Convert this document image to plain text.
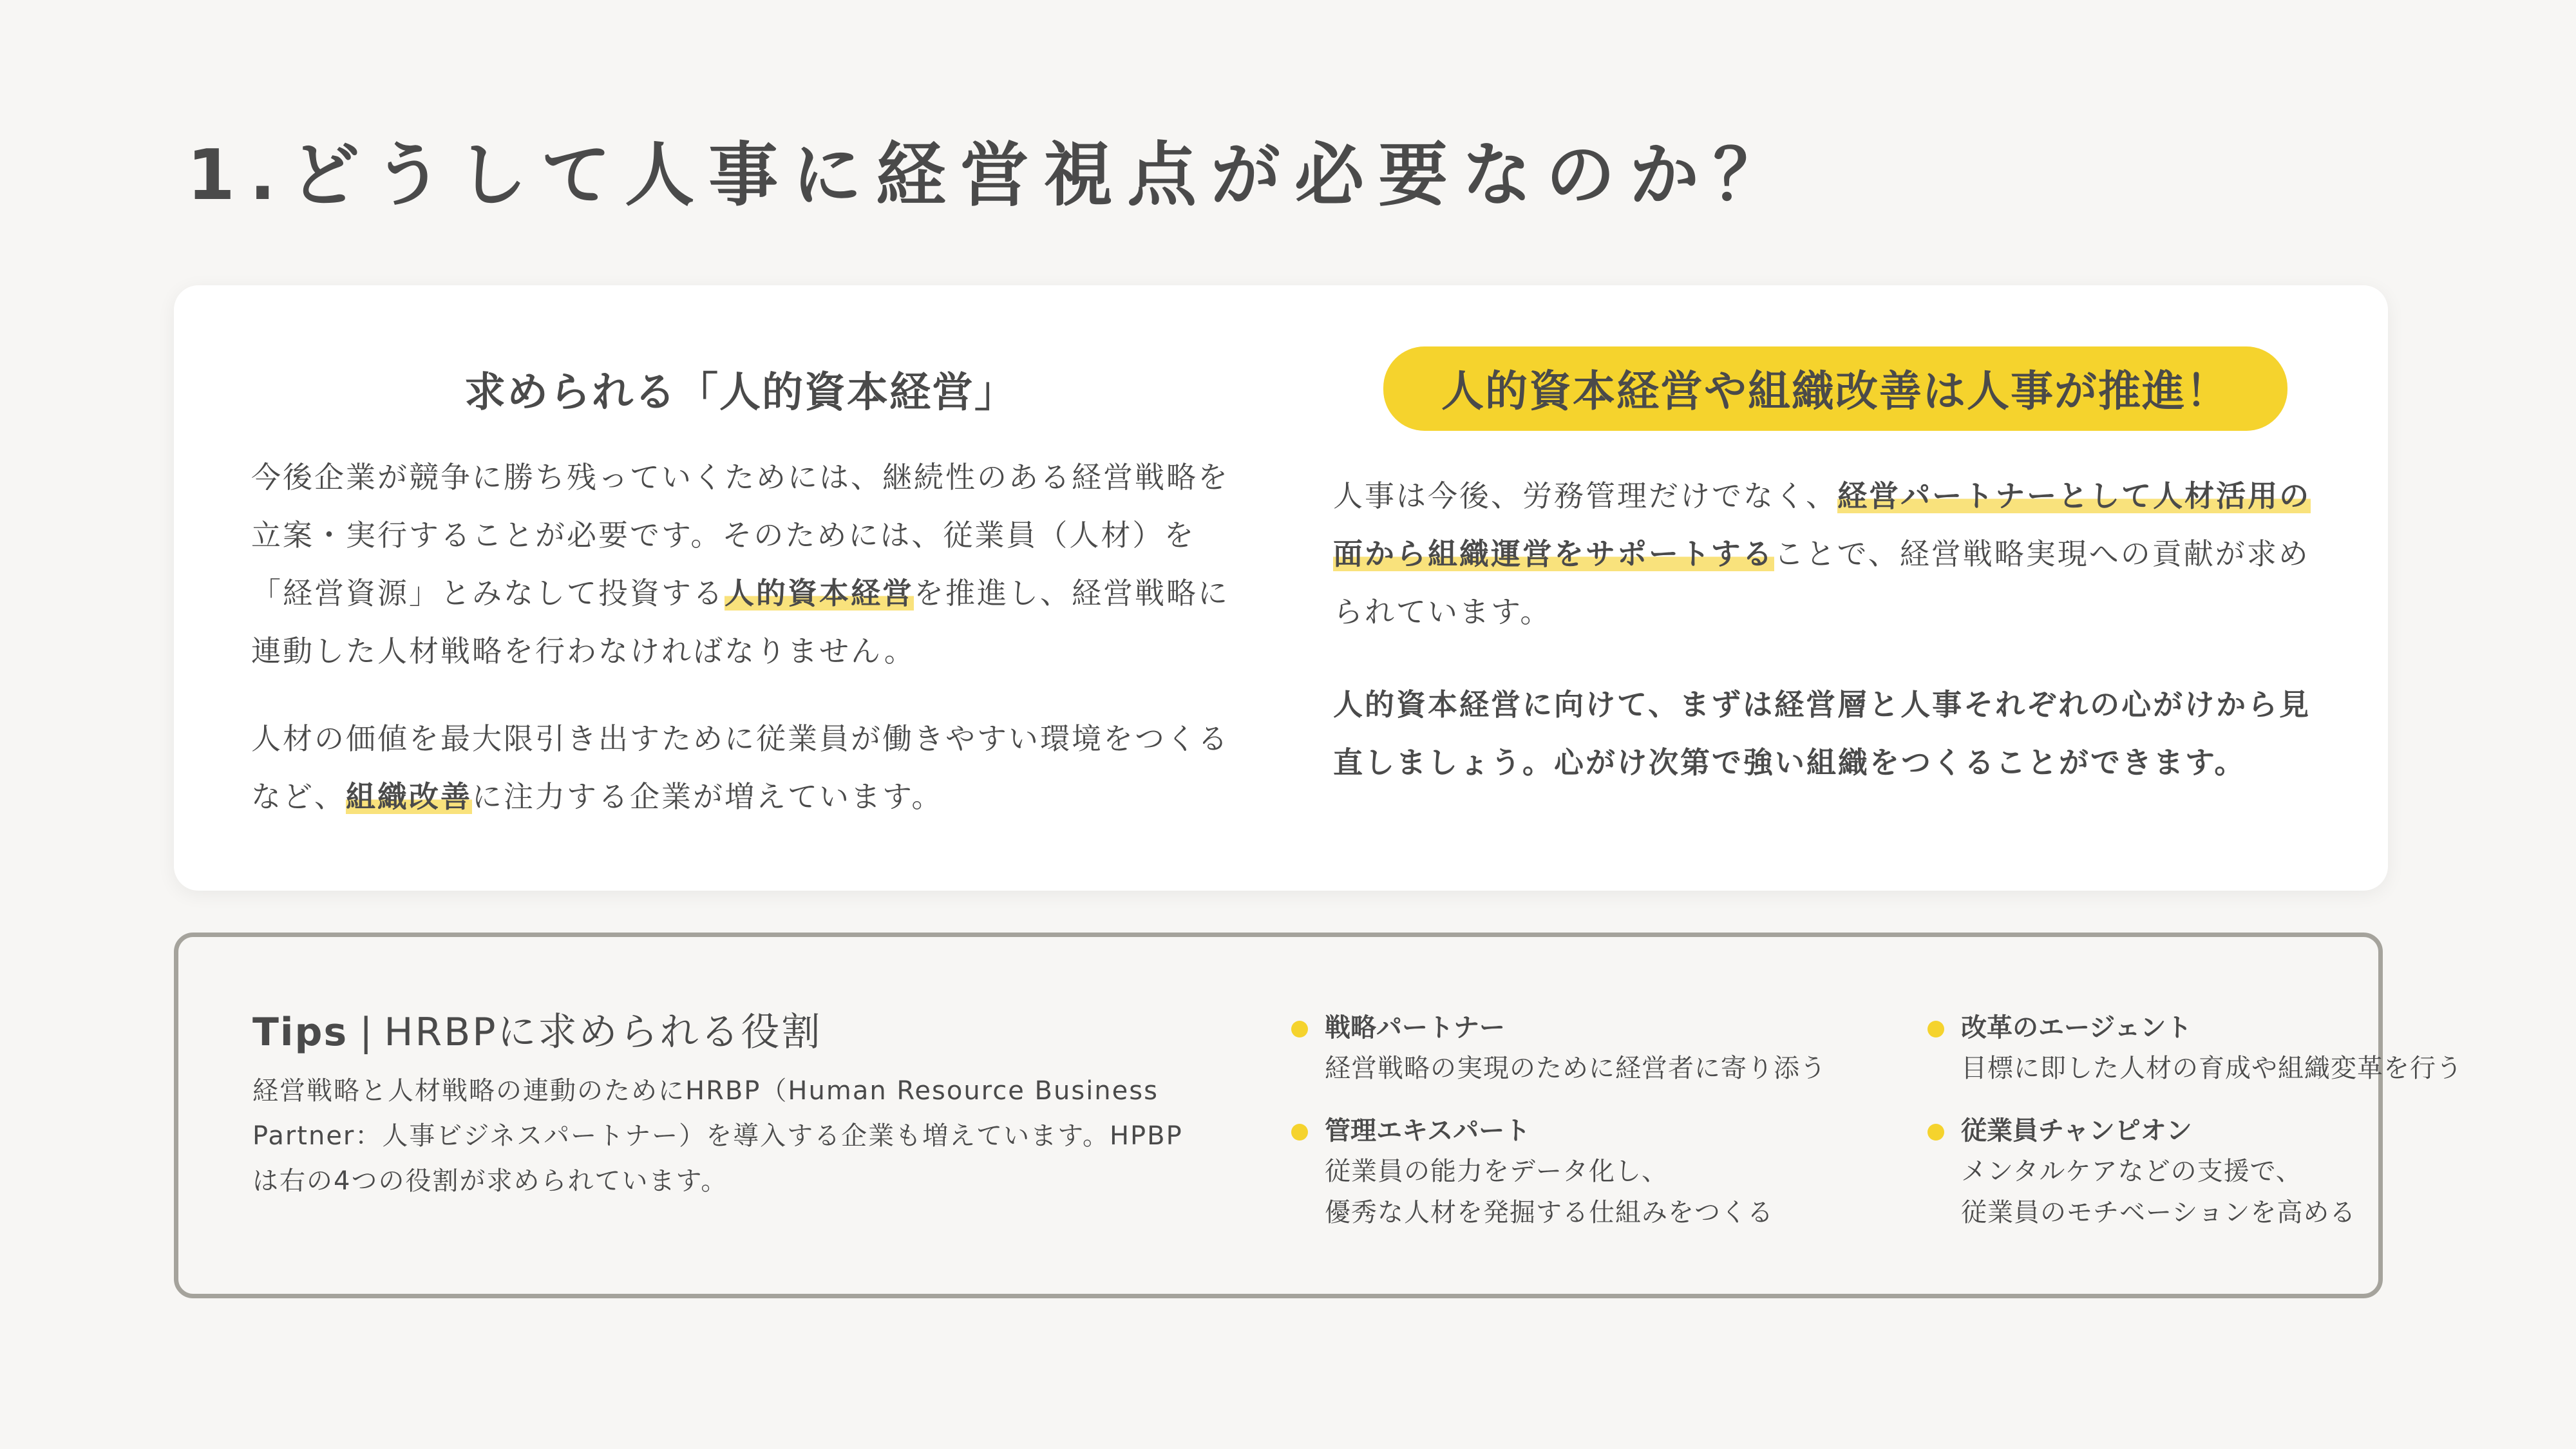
1.どうして人事に経営視点が必要なのか？
求められる「人的資本経営」

今後企業が競争に勝ち残っていくためには、継続性のある経営戦略を立案・実行することが必要です。そのためには、従業員（人材）を「経営資源」とみなして投資する人的資本経営を推進し、経営戦略に連動した人材戦略を行わなければなりません。

人材の価値を最大限引き出すために従業員が働きやすい環境をつくるなど、組織改善に注力する企業が増えています。

人的資本経営や組織改善は人事が推進！

人事は今後、労務管理だけでなく、経営パートナーとして人材活用の面から組織運営をサポートすることで、経営戦略実現への貢献が求められています。

人的資本経営に向けて、まずは経営層と人事それぞれの心がけから見直しましょう。心がけ次第で強い組織をつくることができます。

Tips | HRBPに求められる役割

経営戦略と人材戦略の連動のためにHRBP（Human Resource Business Partner：人事ビジネスパートナー）を導入する企業も増えています。HPBPは右の4つの役割が求められています。

戦略パートナー

経営戦略の実現のために経営者に寄り添う

改革のエージェント

目標に即した人材の育成や組織変革を行う

管理エキスパート

従業員の能力をデータ化し、

優秀な人材を発掘する仕組みをつくる

従業員チャンピオン

メンタルケアなどの支援で、

従業員のモチベーションを高める
